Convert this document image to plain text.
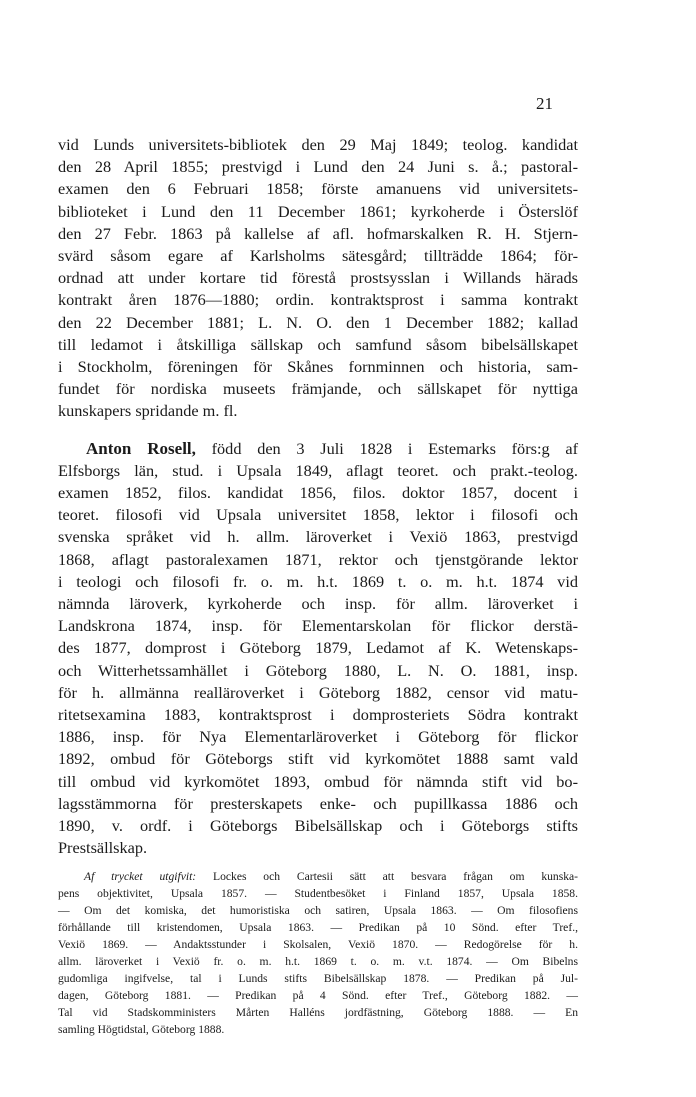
21

vid Lunds universitets-bibliotek den 29 Maj 1849; teolog. kandidat

den 28 April 1855; prestvigd i Lund den 24 Juni s. å.; pastoral-

examen den 6 Februari 1858; förste amanuens vid universitets-

biblioteket i Lund den 11 December 1861; kyrkoherde i Österslöf

den 27 Febr. 1863 på kallelse af afl. hofmarskalken R. H. Stjern-

svärd såsom egare af Karlsholms sätesgård; tillträdde 1864; för-

ordnad att under kortare tid förestå prostsysslan i Willands härads

kontrakt åren 1876—1880; ordin. kontraktsprost i samma kontrakt

den 22 December 1881; L. N. O. den 1 December 1882; kallad

till ledamot i åtskilliga sällskap och samfund såsom bibelsällskapet

i Stockholm, föreningen för Skånes fornminnen och historia, sam-

fundet för nordiska museets främjande, och sällskapet för nyttiga

kunskapers spridande m. fl.

Anton Rosell, född den 3 Juli 1828 i Estemarks förs:g af

Elfsborgs län, stud. i Upsala 1849, aflagt teoret. och prakt.-teolog.

examen 1852, filos. kandidat 1856, filos. doktor 1857, docent i

teoret. filosofi vid Upsala universitet 1858, lektor i filosofi och

svenska språket vid h. allm. läroverket i Vexiö 1863, prestvigd

1868, aflagt pastoralexamen 1871, rektor och tjenstgörande lektor

i teologi och filosofi fr. o. m. h.t. 1869 t. o. m. h.t. 1874 vid

nämnda läroverk, kyrkoherde och insp. för allm. läroverket i

Landskrona 1874, insp. för Elementarskolan för flickor derstä-

des 1877, domprost i Göteborg 1879, Ledamot af K. Wetenskaps-

och Witterhetssamhället i Göteborg 1880, L. N. O. 1881, insp.

för h. allmänna realläroverket i Göteborg 1882, censor vid matu-

ritetsexamina 1883, kontraktsprost i domprosteriets Södra kontrakt

1886, insp. för Nya Elementarläroverket i Göteborg för flickor

1892, ombud för Göteborgs stift vid kyrkomötet 1888 samt vald

till ombud vid kyrkomötet 1893, ombud för nämnda stift vid bo-

lagsstämmorna för presterskapets enke- och pupillkassa 1886 och

1890, v. ordf. i Göteborgs Bibelsällskap och i Göteborgs stifts

Prestsällskap.

Af trycket utgifvit: Lockes och Cartesii sätt att besvara frågan om kunska-

pens objektivitet, Upsala 1857. — Studentbesöket i Finland 1857, Upsala 1858.

— Om det komiska, det humoristiska och satiren, Upsala 1863. — Om filosofiens

förhållande till kristendomen, Upsala 1863. — Predikan på 10 Sönd. efter Tref.,

Vexiö 1869. — Andaktsstunder i Skolsalen, Vexiö 1870. — Redogörelse för h.

allm. läroverket i Vexiö fr. o. m. h.t. 1869 t. o. m. v.t. 1874. — Om Bibelns

gudomliga ingifvelse, tal i Lunds stifts Bibelsällskap 1878. — Predikan på Jul-

dagen, Göteborg 1881. — Predikan på 4 Sönd. efter Tref., Göteborg 1882. —

Tal vid Stadskomministers Mårten Halléns jordfästning, Göteborg 1888. — En

samling Högtidstal, Göteborg 1888.
